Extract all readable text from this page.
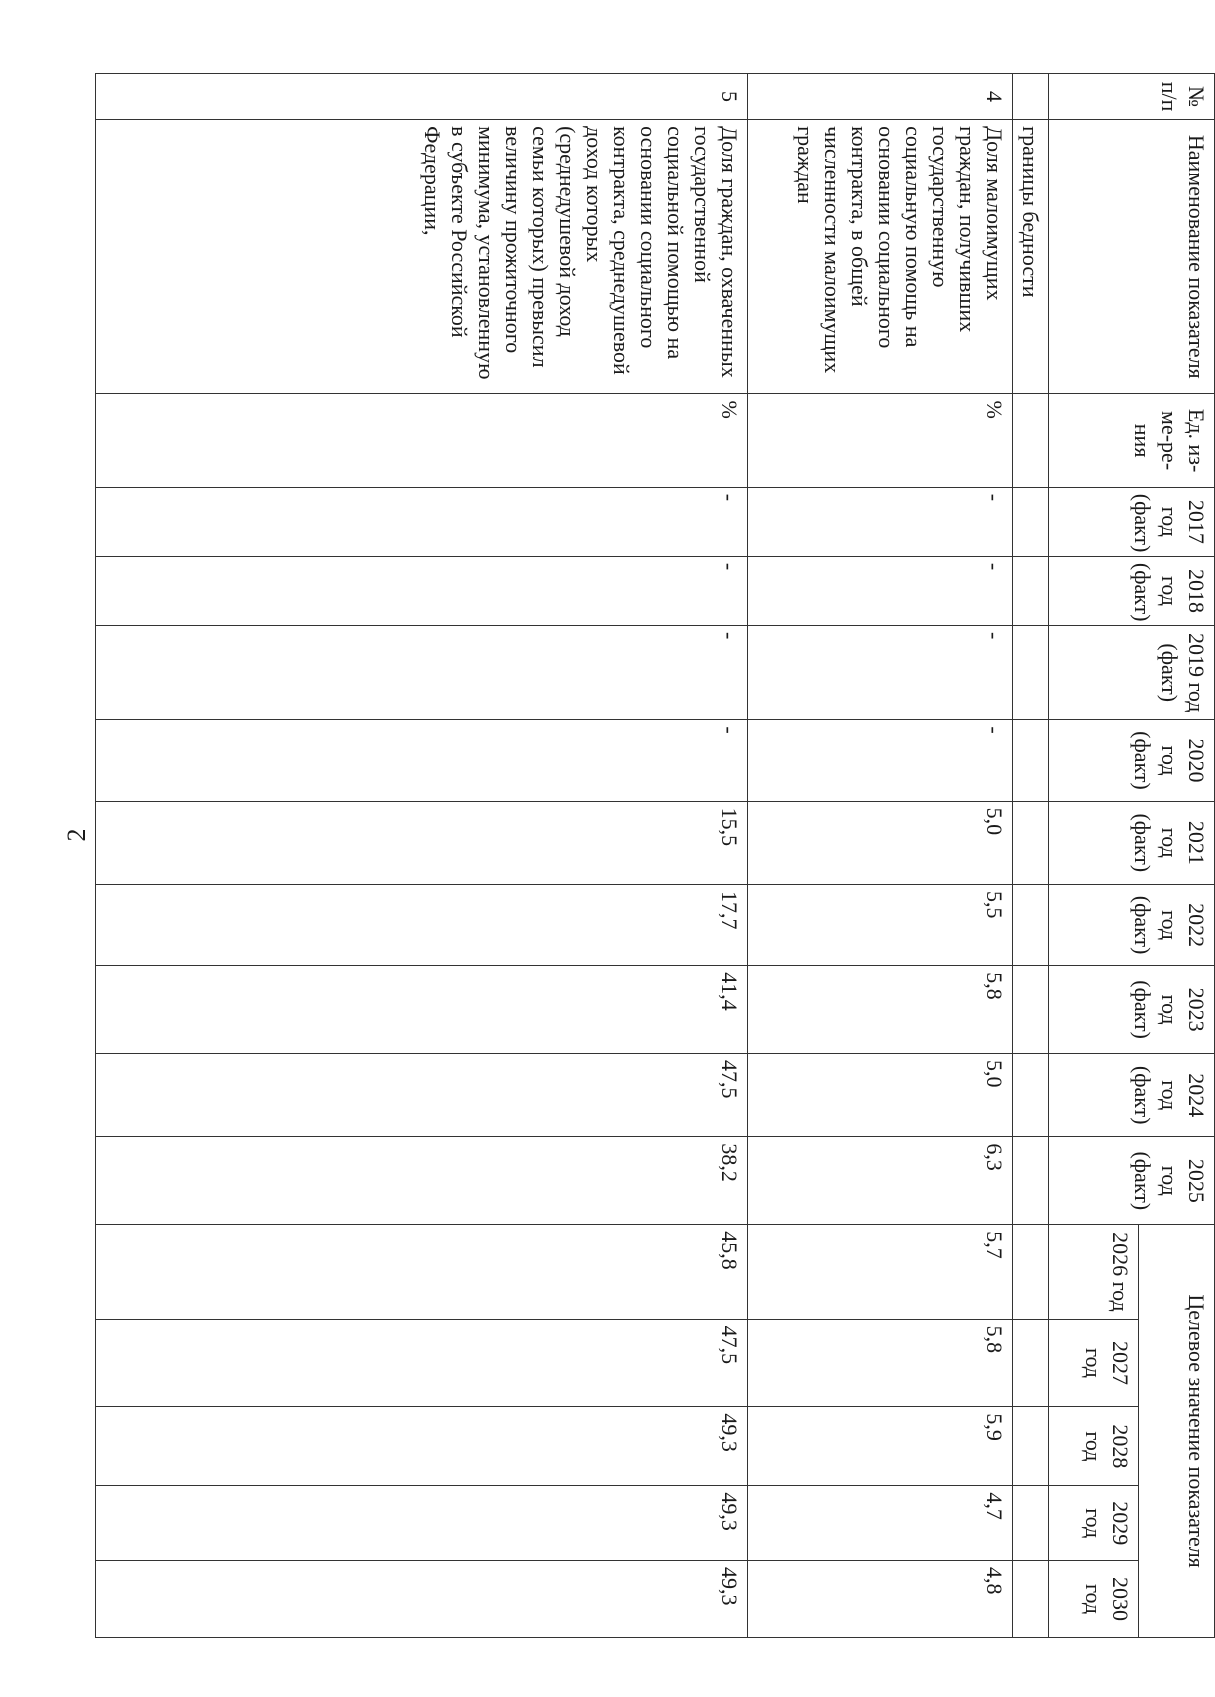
2
№ п/п	Наименование показателя	Ед. из-ме-ре-ния	2017 год (факт)	2018 год (факт)	2019 год (факт)	2020 год (факт)	2021 год (факт)	2022 год (факт)	2023 год (факт)	2024 год (факт)	2025 год (факт)	Целевое значение показателя				
												2026 год	2027 год	2028 год	2029 год	2030 год
	границы бедности															
4	Доля малоимущих граждан, получивших государственную социальную помощь на основании социального контракта, в общей численности малоимущих граждан	%	-	-	-	-	5,0	5,5	5,8	5,0	6,3	5,7	5,8	5,9	4,7	4,8
5	Доля граждан, охваченных государственной социальной помощью на основании социального контракта, среднедушевой доход которых (среднедушевой доход семьи которых) превысил величину прожиточного минимума, установленную в субъекте Российской Федерации,	%	-	-	-	-	15,5	17,7	41,4	47,5	38,2	45,8	47,5	49,3	49,3	49,3
